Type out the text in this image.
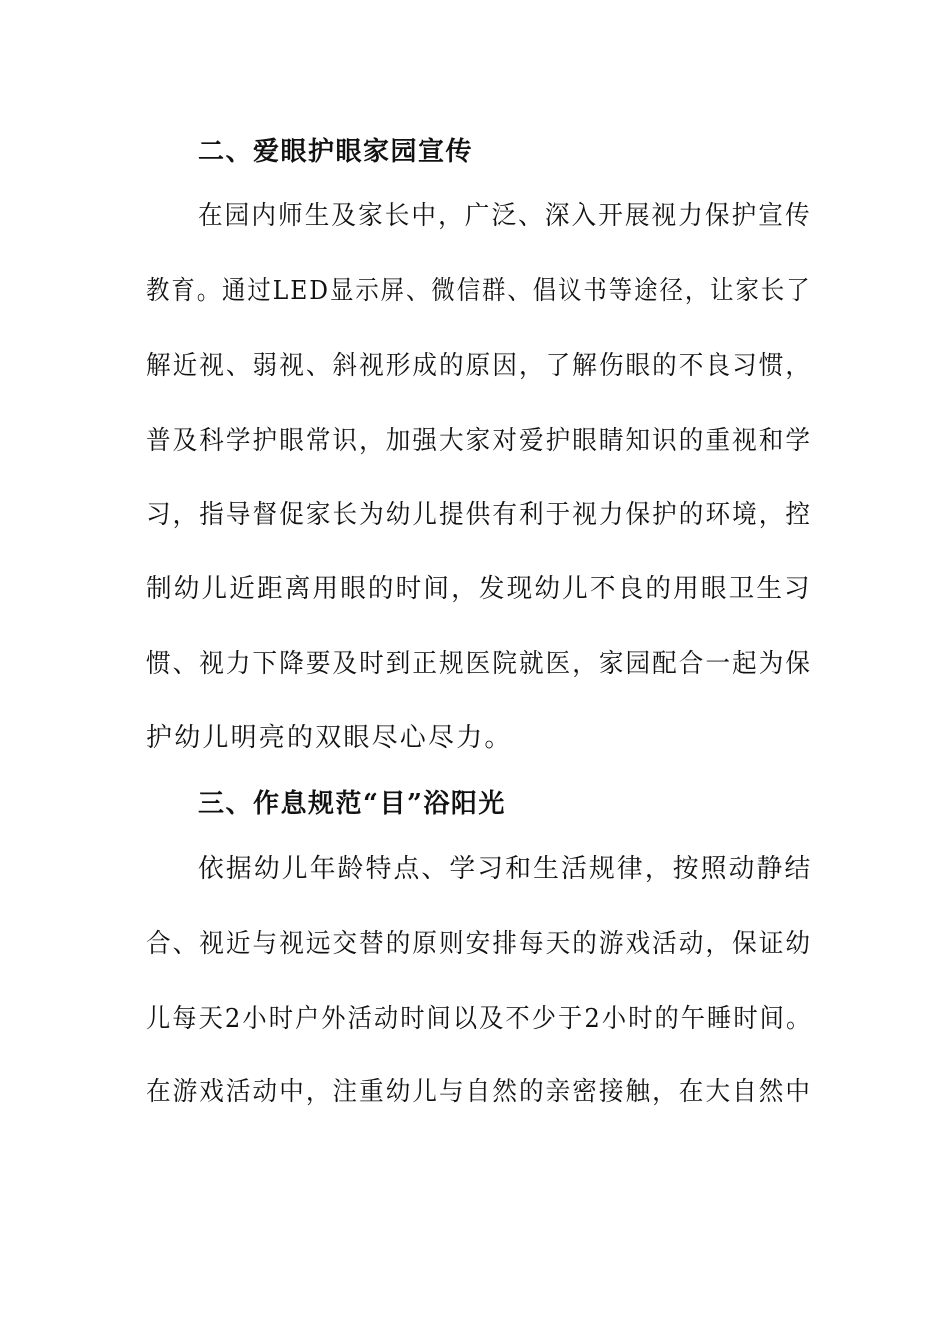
二、爱眼护眼家园宣传
在园内师生及家长中，广泛、深入开展视力保护宣传
教育。通过LED显示屏、微信群、倡议书等途径，让家长了
解近视、弱视、斜视形成的原因，了解伤眼的不良习惯，
普及科学护眼常识，加强大家对爱护眼睛知识的重视和学
习，指导督促家长为幼儿提供有利于视力保护的环境，控
制幼儿近距离用眼的时间，发现幼儿不良的用眼卫生习
惯、视力下降要及时到正规医院就医，家园配合一起为保
护幼儿明亮的双眼尽心尽力。
三、作息规范“目”浴阳光
依据幼儿年龄特点、学习和生活规律，按照动静结
合、视近与视远交替的原则安排每天的游戏活动，保证幼
儿每天2小时户外活动时间以及不少于2小时的午睡时间。
在游戏活动中，注重幼儿与自然的亲密接触，在大自然中
